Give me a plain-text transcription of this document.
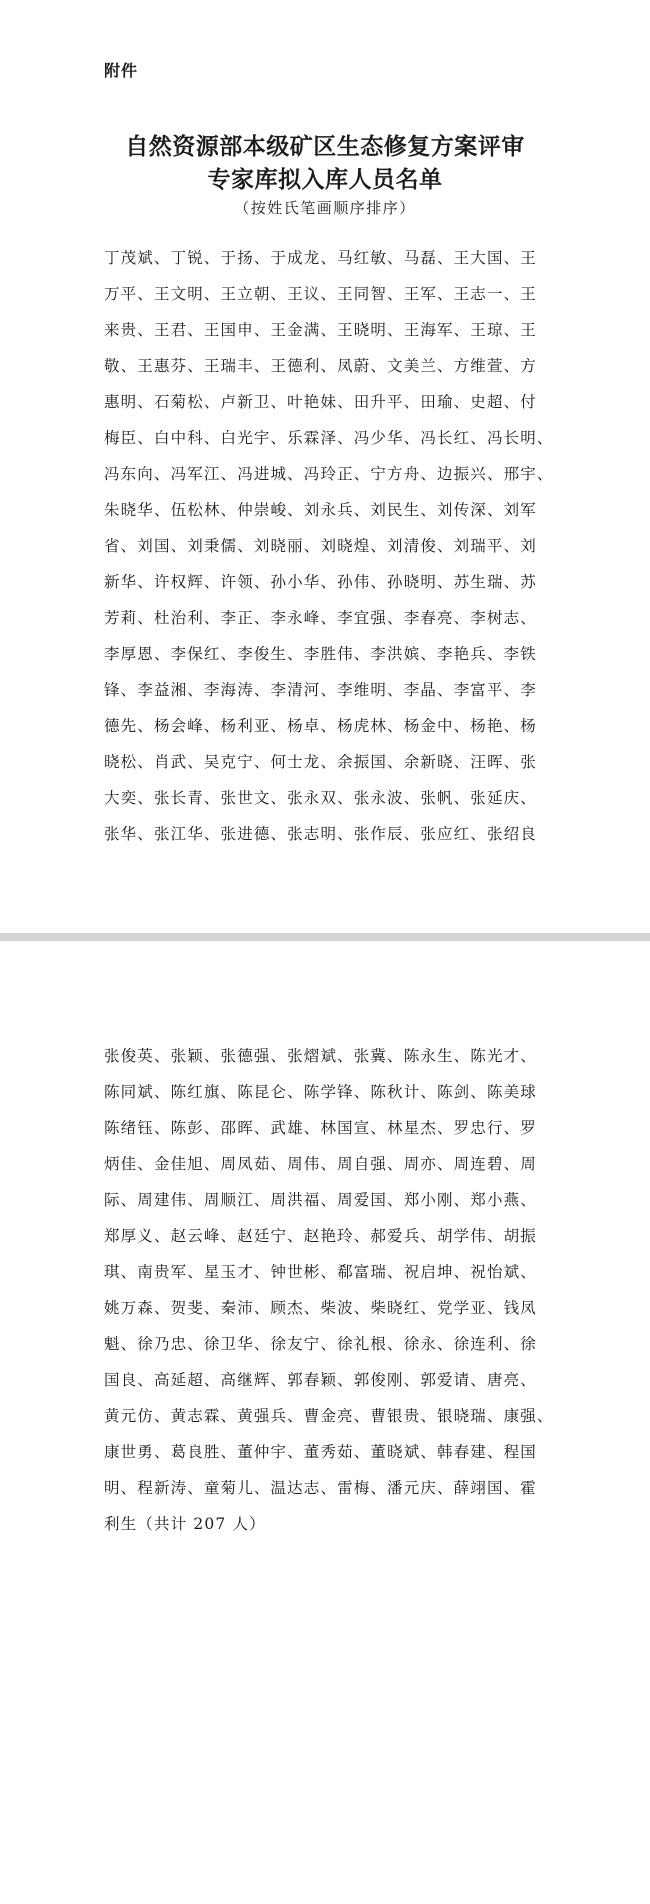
附件

自然资源部本级矿区生态修复方案评审
专家库拟入库人员名单

（按姓氏笔画顺序排序）

丁茂斌、丁锐、于扬、于成龙、马红敏、马磊、王大国、王
万平、王文明、王立朝、王议、王同智、王军、王志一、王
来贵、王君、王国申、王金满、王晓明、王海军、王琼、王
敬、王惠芬、王瑞丰、王德利、凤蔚、文美兰、方维萱、方
惠明、石菊松、卢新卫、叶艳妹、田升平、田瑜、史超、付
梅臣、白中科、白光宇、乐霖泽、冯少华、冯长红、冯长明、
冯东向、冯军江、冯进城、冯玲正、宁方舟、边振兴、邢宇、
朱晓华、伍松林、仲崇峻、刘永兵、刘民生、刘传深、刘军
省、刘国、刘秉儒、刘晓丽、刘晓煌、刘清俊、刘瑞平、刘
新华、许权辉、许领、孙小华、孙伟、孙晓明、苏生瑞、苏
芳莉、杜治利、李正、李永峰、李宜强、李春亮、李树志、
李厚恩、李保红、李俊生、李胜伟、李洪嫔、李艳兵、李铁
锋、李益湘、李海涛、李清河、李维明、李晶、李富平、李
德先、杨会峰、杨利亚、杨卓、杨虎林、杨金中、杨艳、杨
晓松、肖武、吴克宁、何士龙、余振国、余新晓、汪晖、张
大奕、张长青、张世文、张永双、张永波、张帆、张延庆、
张华、张江华、张进德、张志明、张作辰、张应红、张绍良
张俊英、张颖、张德强、张熠斌、张冀、陈永生、陈光才、
陈同斌、陈红旗、陈昆仑、陈学锋、陈秋计、陈剑、陈美球
陈绪钰、陈彭、邵晖、武雄、林国宣、林星杰、罗忠行、罗
炳佳、金佳旭、周凤茹、周伟、周自强、周亦、周连碧、周
际、周建伟、周顺江、周洪福、周爱国、郑小刚、郑小燕、
郑厚义、赵云峰、赵廷宁、赵艳玲、郝爱兵、胡学伟、胡振
琪、南贵军、星玉才、钟世彬、郗富瑞、祝启坤、祝怡斌、
姚万森、贺斐、秦沛、顾杰、柴波、柴晓红、党学亚、钱凤
魁、徐乃忠、徐卫华、徐友宁、徐礼根、徐永、徐连利、徐
国良、高延超、高继辉、郭春颖、郭俊刚、郭爱请、唐亮、
黄元仿、黄志霖、黄强兵、曹金亮、曹银贵、银晓瑞、康强、
康世勇、葛良胜、董仲宇、董秀茹、董晓斌、韩春建、程国
明、程新涛、童菊儿、温达志、雷梅、潘元庆、薛翊国、霍
利生（共计 207 人）
